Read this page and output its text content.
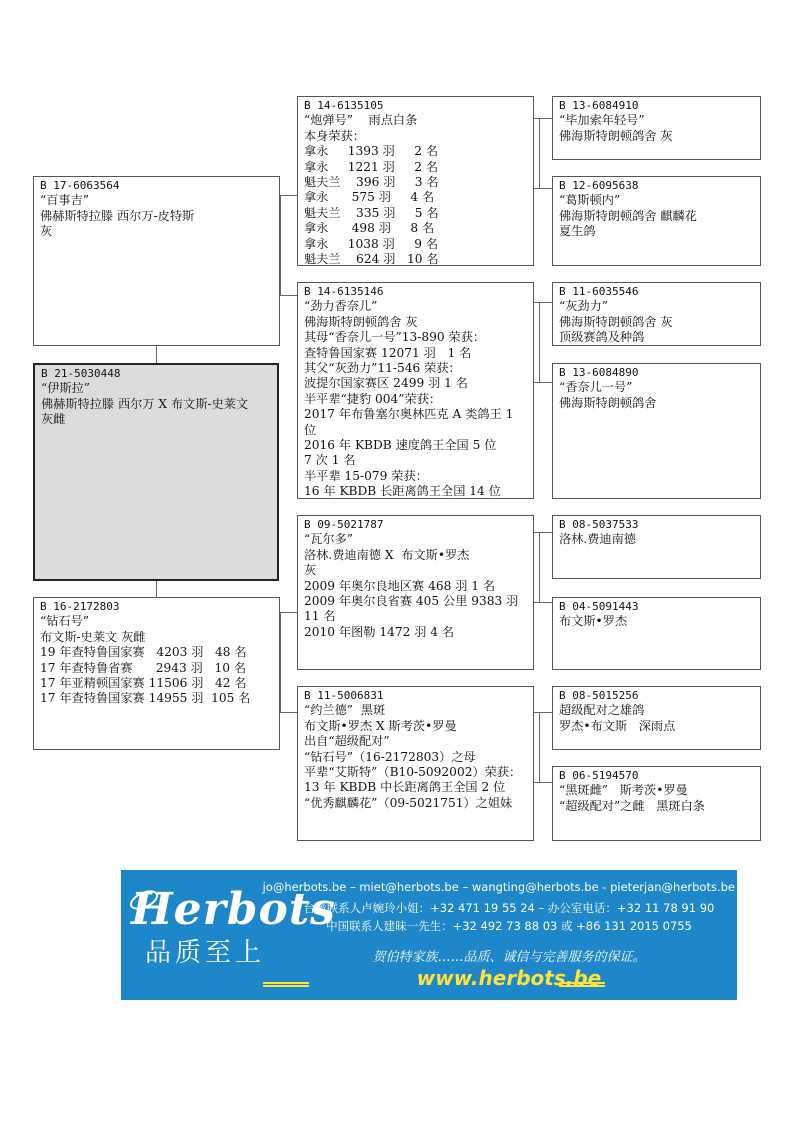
B 17-6063564
“百事吉”
佛赫斯特拉滕 西尔万-皮特斯
灰
B 21-5030448
“伊斯拉”
佛赫斯特拉滕 西尔万 X 布文斯-史莱文
灰雌
B 16-2172803
“钻石号”
布文斯-史莱文 灰雌
19 年查特鲁国家赛   4203 羽   48 名
17 年查特鲁省赛      2943 羽   10 名
17 年亚精顿国家赛 11506 羽   42 名
17 年查特鲁国家赛 14955 羽  105 名
B 14-6135105
“炮弹号”    雨点白条
本身荣获：
拿永     1393 羽     2 名
拿永     1221 羽     2 名
魁夫兰    396 羽     3 名
拿永      575 羽     4 名
魁夫兰    335 羽     5 名
拿永      498 羽     8 名
拿永     1038 羽     9 名
魁夫兰    624 羽   10 名
B 14-6135146
“劲力香奈儿”
佛海斯特朗顿鸽舍 灰
其母“香奈儿一号”13-890 荣获：
查特鲁国家赛 12071 羽   1 名
其父“灰劲力”11-546 荣获：
波提尔国家赛区 2499 羽 1 名
半平辈“捷豹 004”荣获：
2017 年布鲁塞尔奥林匹克 A 类鸽王 1 位
2016 年 KBDB 速度鸽王全国 5 位
7 次 1 名
半平辈 15-079 荣获：
16 年 KBDB 长距离鸽王全国 14 位
B 09-5021787
“瓦尔多”
洛林.费迪南德 X  布文斯•罗杰
灰
2009 年奥尔良地区赛 468 羽 1 名
2009 年奥尔良省赛 405 公里 9383 羽 11 名
2010 年图勒 1472 羽 4 名
B 11-5006831
“约兰德”  黑斑
布文斯•罗杰 X 斯考茨•罗曼
出自“超级配对”
“钻石号”（16-2172803）之母
平辈“艾斯特”（B10-5092002）荣获：
13 年 KBDB 中长距离鸽王全国 2 位
“优秀麒麟花”（09-5021751）之姐妹
B 13-6084910
“毕加索年轻号”
佛海斯特朗顿鸽舍 灰
B 12-6095638
“葛斯顿内”
佛海斯特朗顿鸽舍 麒麟花
夏生鸽
B 11-6035546
“灰劲力”
佛海斯特朗顿鸽舍 灰
顶级赛鸽及种鸽
B 13-6084890
“香奈儿一号”
佛海斯特朗顿鸽舍
B 08-5037533
洛林.费迪南德
B 04-5091443
布文斯•罗杰
B 08-5015256
超级配对之雄鸽
罗杰•布文斯   深雨点
B 06-5194570
“黑斑雌”   斯考茨•罗曼
“超级配对”之雌   黑斑白条
Herbots
品质至上
jo@herbots.be – miet@herbots.be – wangting@herbots.be - pieterjan@herbots.be
台湾联系人卢婉玲小姐：+32 471 19 55 24 – 办公室电话：+32 11 78 91 90
中国联系人建昧一先生：+32 492 73 88 03 或 +86 131 2015 0755
贺伯特家族……品质、诚信与完善服务的保证。
www.herbots.be
